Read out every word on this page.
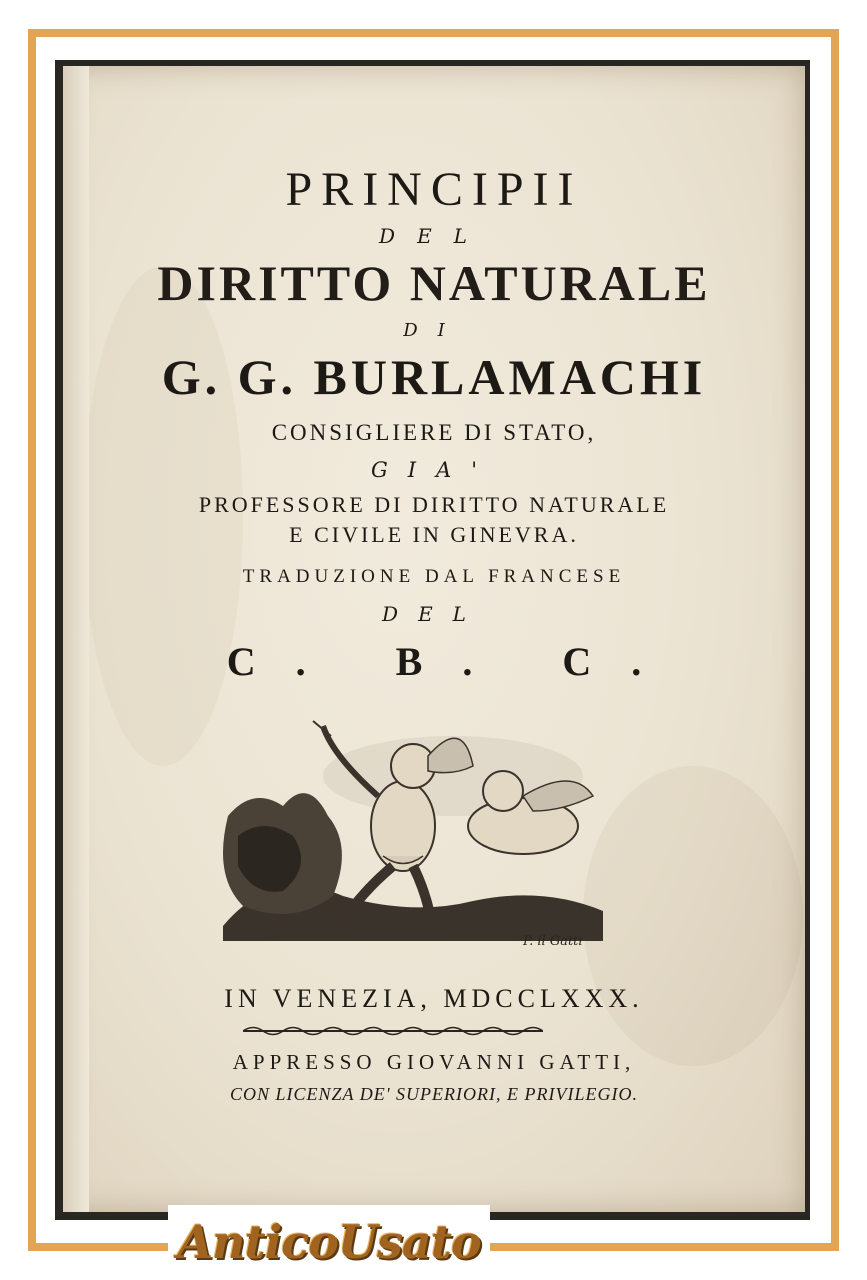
PRINCIPII
DEL
DIRITTO NATURALE
DI
G. G. BURLAMACHI
CONSIGLIERE DI STATO,
GIA'
PROFESSORE DI DIRITTO NATURALE
E CIVILE IN GINEVRA.
TRADUZIONE DAL FRANCESE
DEL
C. B. C.
P. il Gatti
IN VENEZIA, MDCCLXXX.
APPRESSO GIOVANNI GATTI,
CON LICENZA DE' SUPERIORI, E PRIVILEGIO.
AnticoUsato
